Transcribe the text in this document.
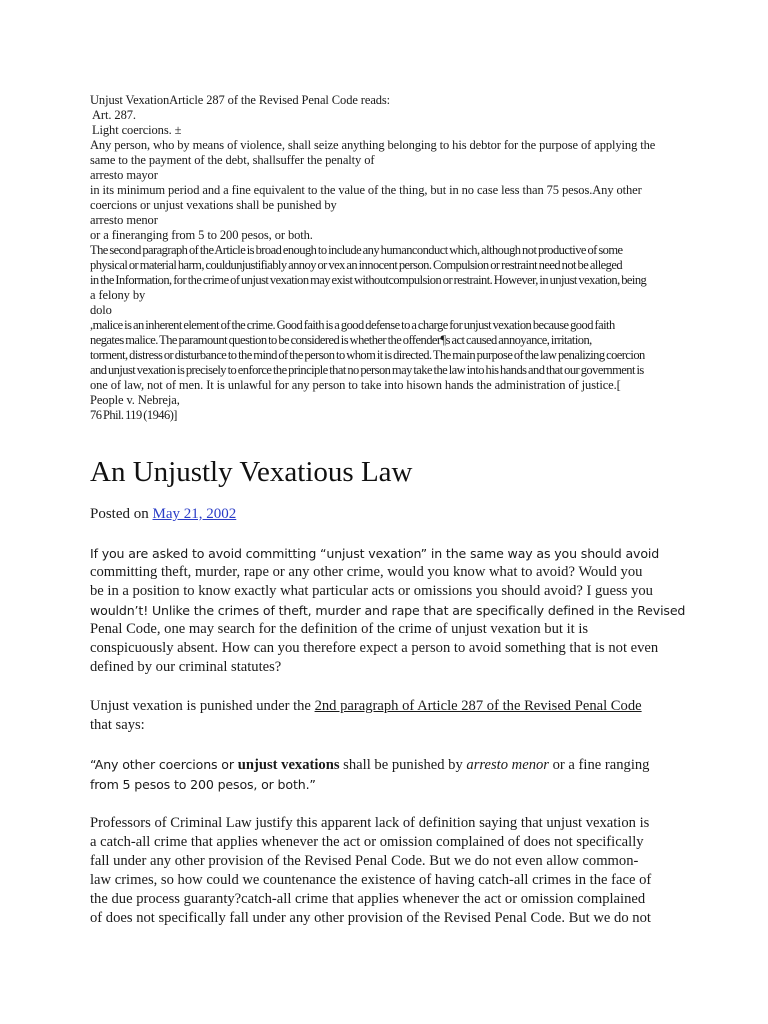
Unjust VexationArticle 287 of the Revised Penal Code reads:
Art. 287.
Light coercions. ±
Any person, who by means of violence, shall seize anything belonging to his debtor for the purpose of applying the
same to the payment of the debt, shallsuffer the penalty of
arresto mayor
in its minimum period and a fine equivalent to the value of the thing, but in no case less than 75 pesos.Any other
coercions or unjust vexations shall be punished by
arresto menor
or a fineranging from 5 to 200 pesos, or both.
The second paragraph of the Article is broad enough to include any humanconduct which, although not productive of some
physical or material harm, couldunjustifiably annoy or vex an innocent person. Compulsion or restraint need not be alleged
in the Information, for the crime of unjust vexation may exist withoutcompulsion or restraint. However, in unjust vexation, being
a felony by
dolo
,malice is an inherent element of the crime. Good faith is a good defense to a charge for unjust vexation because good faith
negates malice. The paramount question to be considered is whether the offender¶s act caused annoyance, irritation,
torment, distress or disturbance to the mind of the person to whom it is directed. The main purpose of the law penalizing coercion
and unjust vexation is precisely to enforce the principle that no person may take the law into his hands and that our government is
one of law, not of men. It is unlawful for any person to take into hisown hands the administration of justice.[
People v. Nebreja,
76 Phil. 119 (1946)]
An Unjustly Vexatious Law
Posted on May 21, 2002
If you are asked to avoid committing “unjust vexation” in the same way as you should avoid
committing theft, murder, rape or any other crime, would you know what to avoid? Would you
be in a position to know exactly what particular acts or omissions you should avoid? I guess you
wouldn’t! Unlike the crimes of theft, murder and rape that are specifically defined in the Revised
Penal Code, one may search for the definition of the crime of unjust vexation but it is
conspicuously absent. How can you therefore expect a person to avoid something that is not even
defined by our criminal statutes?
Unjust vexation is punished under the 2nd paragraph of Article 287 of the Revised Penal Code
that says:
“Any other coercions or unjust vexations shall be punished by arresto menor or a fine ranging
from 5 pesos to 200 pesos, or both.”
Professors of Criminal Law justify this apparent lack of definition saying that unjust vexation is
a catch-all crime that applies whenever the act or omission complained of does not specifically
fall under any other provision of the Revised Penal Code. But we do not even allow common-
law crimes, so how could we countenance the existence of having catch-all crimes in the face of
the due process guaranty?catch-all crime that applies whenever the act or omission complained
of does not specifically fall under any other provision of the Revised Penal Code. But we do not
